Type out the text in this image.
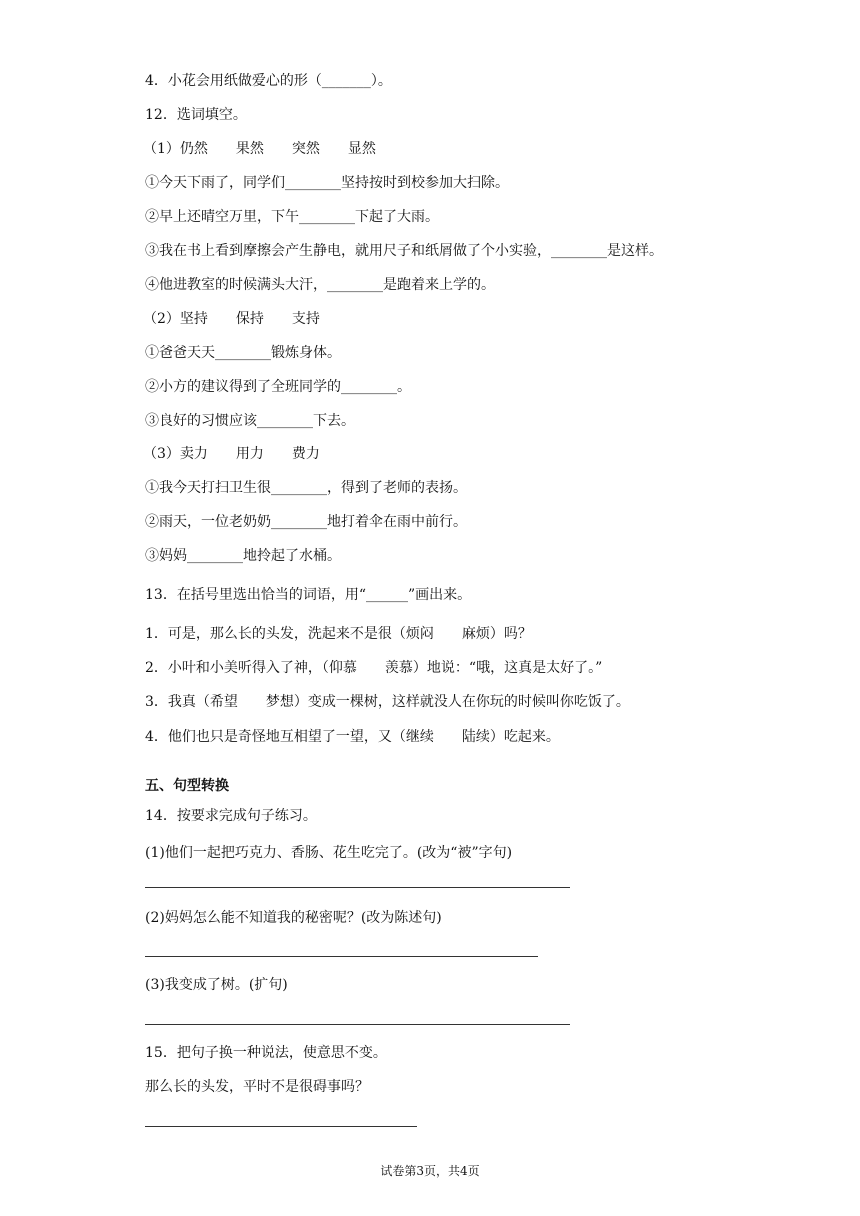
4．小花会用纸做爱心的形（_______）。
12．选词填空。
（1）仍然　　果然　　突然　　显然
①今天下雨了，同学们________坚持按时到校参加大扫除。
②早上还晴空万里，下午________下起了大雨。
③我在书上看到摩擦会产生静电，就用尺子和纸屑做了个小实验，________是这样。
④他进教室的时候满头大汗，________是跑着来上学的。
（2）坚持　　保持　　支持
①爸爸天天________锻炼身体。
②小方的建议得到了全班同学的________。
③良好的习惯应该________下去。
（3）卖力　　用力　　费力
①我今天打扫卫生很________，得到了老师的表扬。
②雨天，一位老奶奶________地打着伞在雨中前行。
③妈妈________地拎起了水桶。
13．在括号里选出恰当的词语，用“______”画出来。
1．可是，那么长的头发，洗起来不是很（烦闷　　麻烦）吗？
2．小叶和小美听得入了神，（仰慕　　羡慕）地说：“哦，这真是太好了。”
3．我真（希望　　梦想）变成一棵树，这样就没人在你玩的时候叫你吃饭了。
4．他们也只是奇怪地互相望了一望，又（继续　　陆续）吃起来。
五、句型转换
14．按要求完成句子练习。
(1)他们一起把巧克力、香肠、花生吃完了。(改为“被”字句)
(2)妈妈怎么能不知道我的秘密呢？(改为陈述句)
(3)我变成了树。(扩句)
15．把句子换一种说法，使意思不变。
那么长的头发，平时不是很碍事吗？
试卷第3页，共4页
